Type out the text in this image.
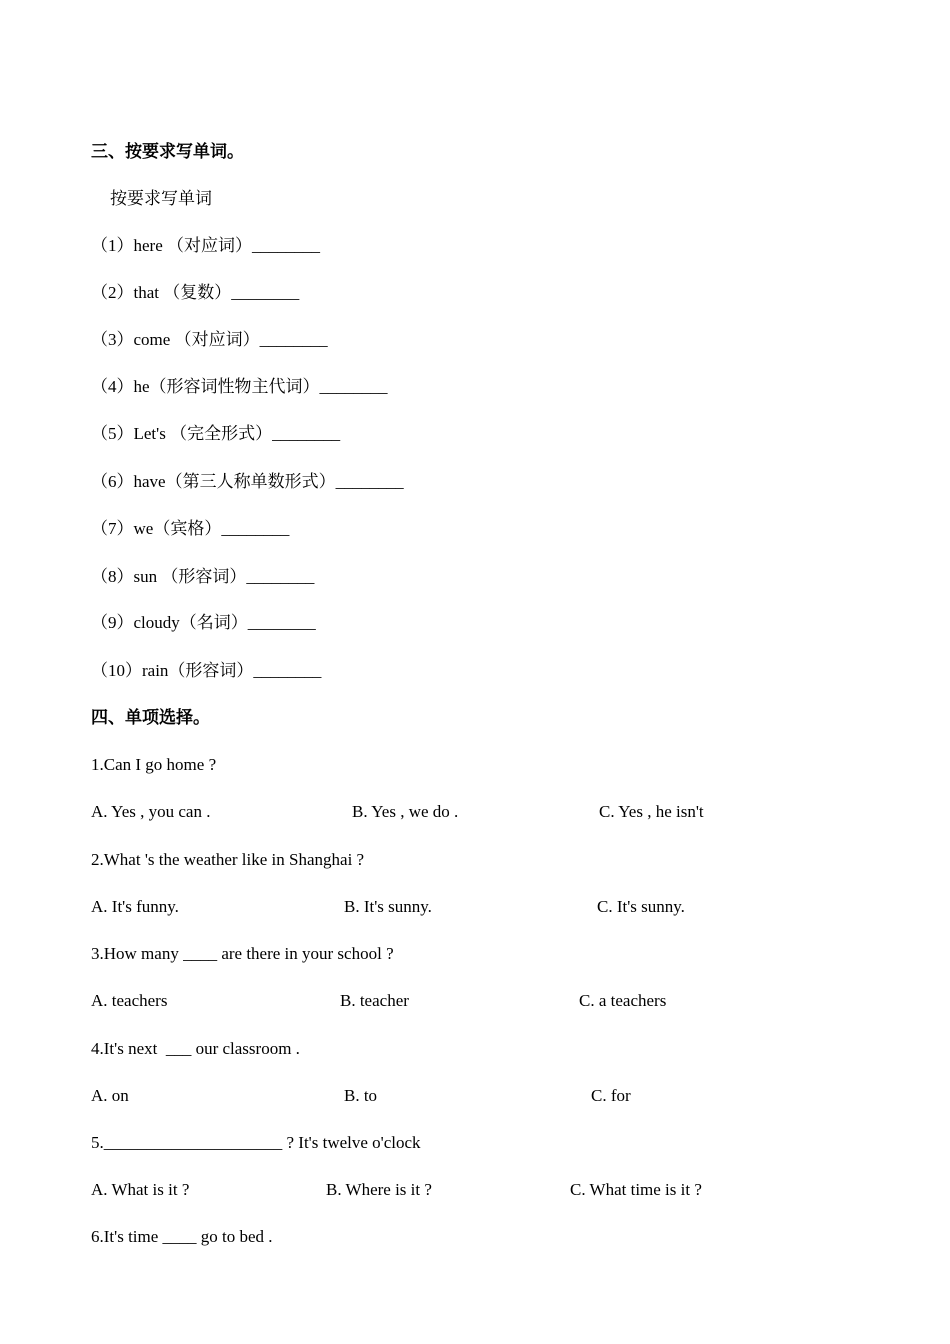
三、按要求写单词。
按要求写单词
（1）here （对应词）________
（2）that （复数）________
（3）come （对应词）________
（4）he（形容词性物主代词）________
（5）Let's （完全形式）________
（6）have（第三人称单数形式）________
（7）we（宾格）________
（8）sun （形容词）________
（9）cloudy（名词）________
（10）rain（形容词）________
四、单项选择。
1.Can I go home ?
A. Yes , you can .	B. Yes , we do .	C. Yes , he isn't
2.What 's the weather like in Shanghai ?
A. It's funny.	B. It's sunny.	C. It's sunny.
3.How many ____ are there in your school ?
A. teachers	B. teacher	C. a teachers
4.It's next  ___ our classroom .
A. on	B. to	C. for
5._____________________ ? It's twelve o'clock
A. What is it ?	B. Where is it ?	C. What time is it ?
6.It's time ____ go to bed .
